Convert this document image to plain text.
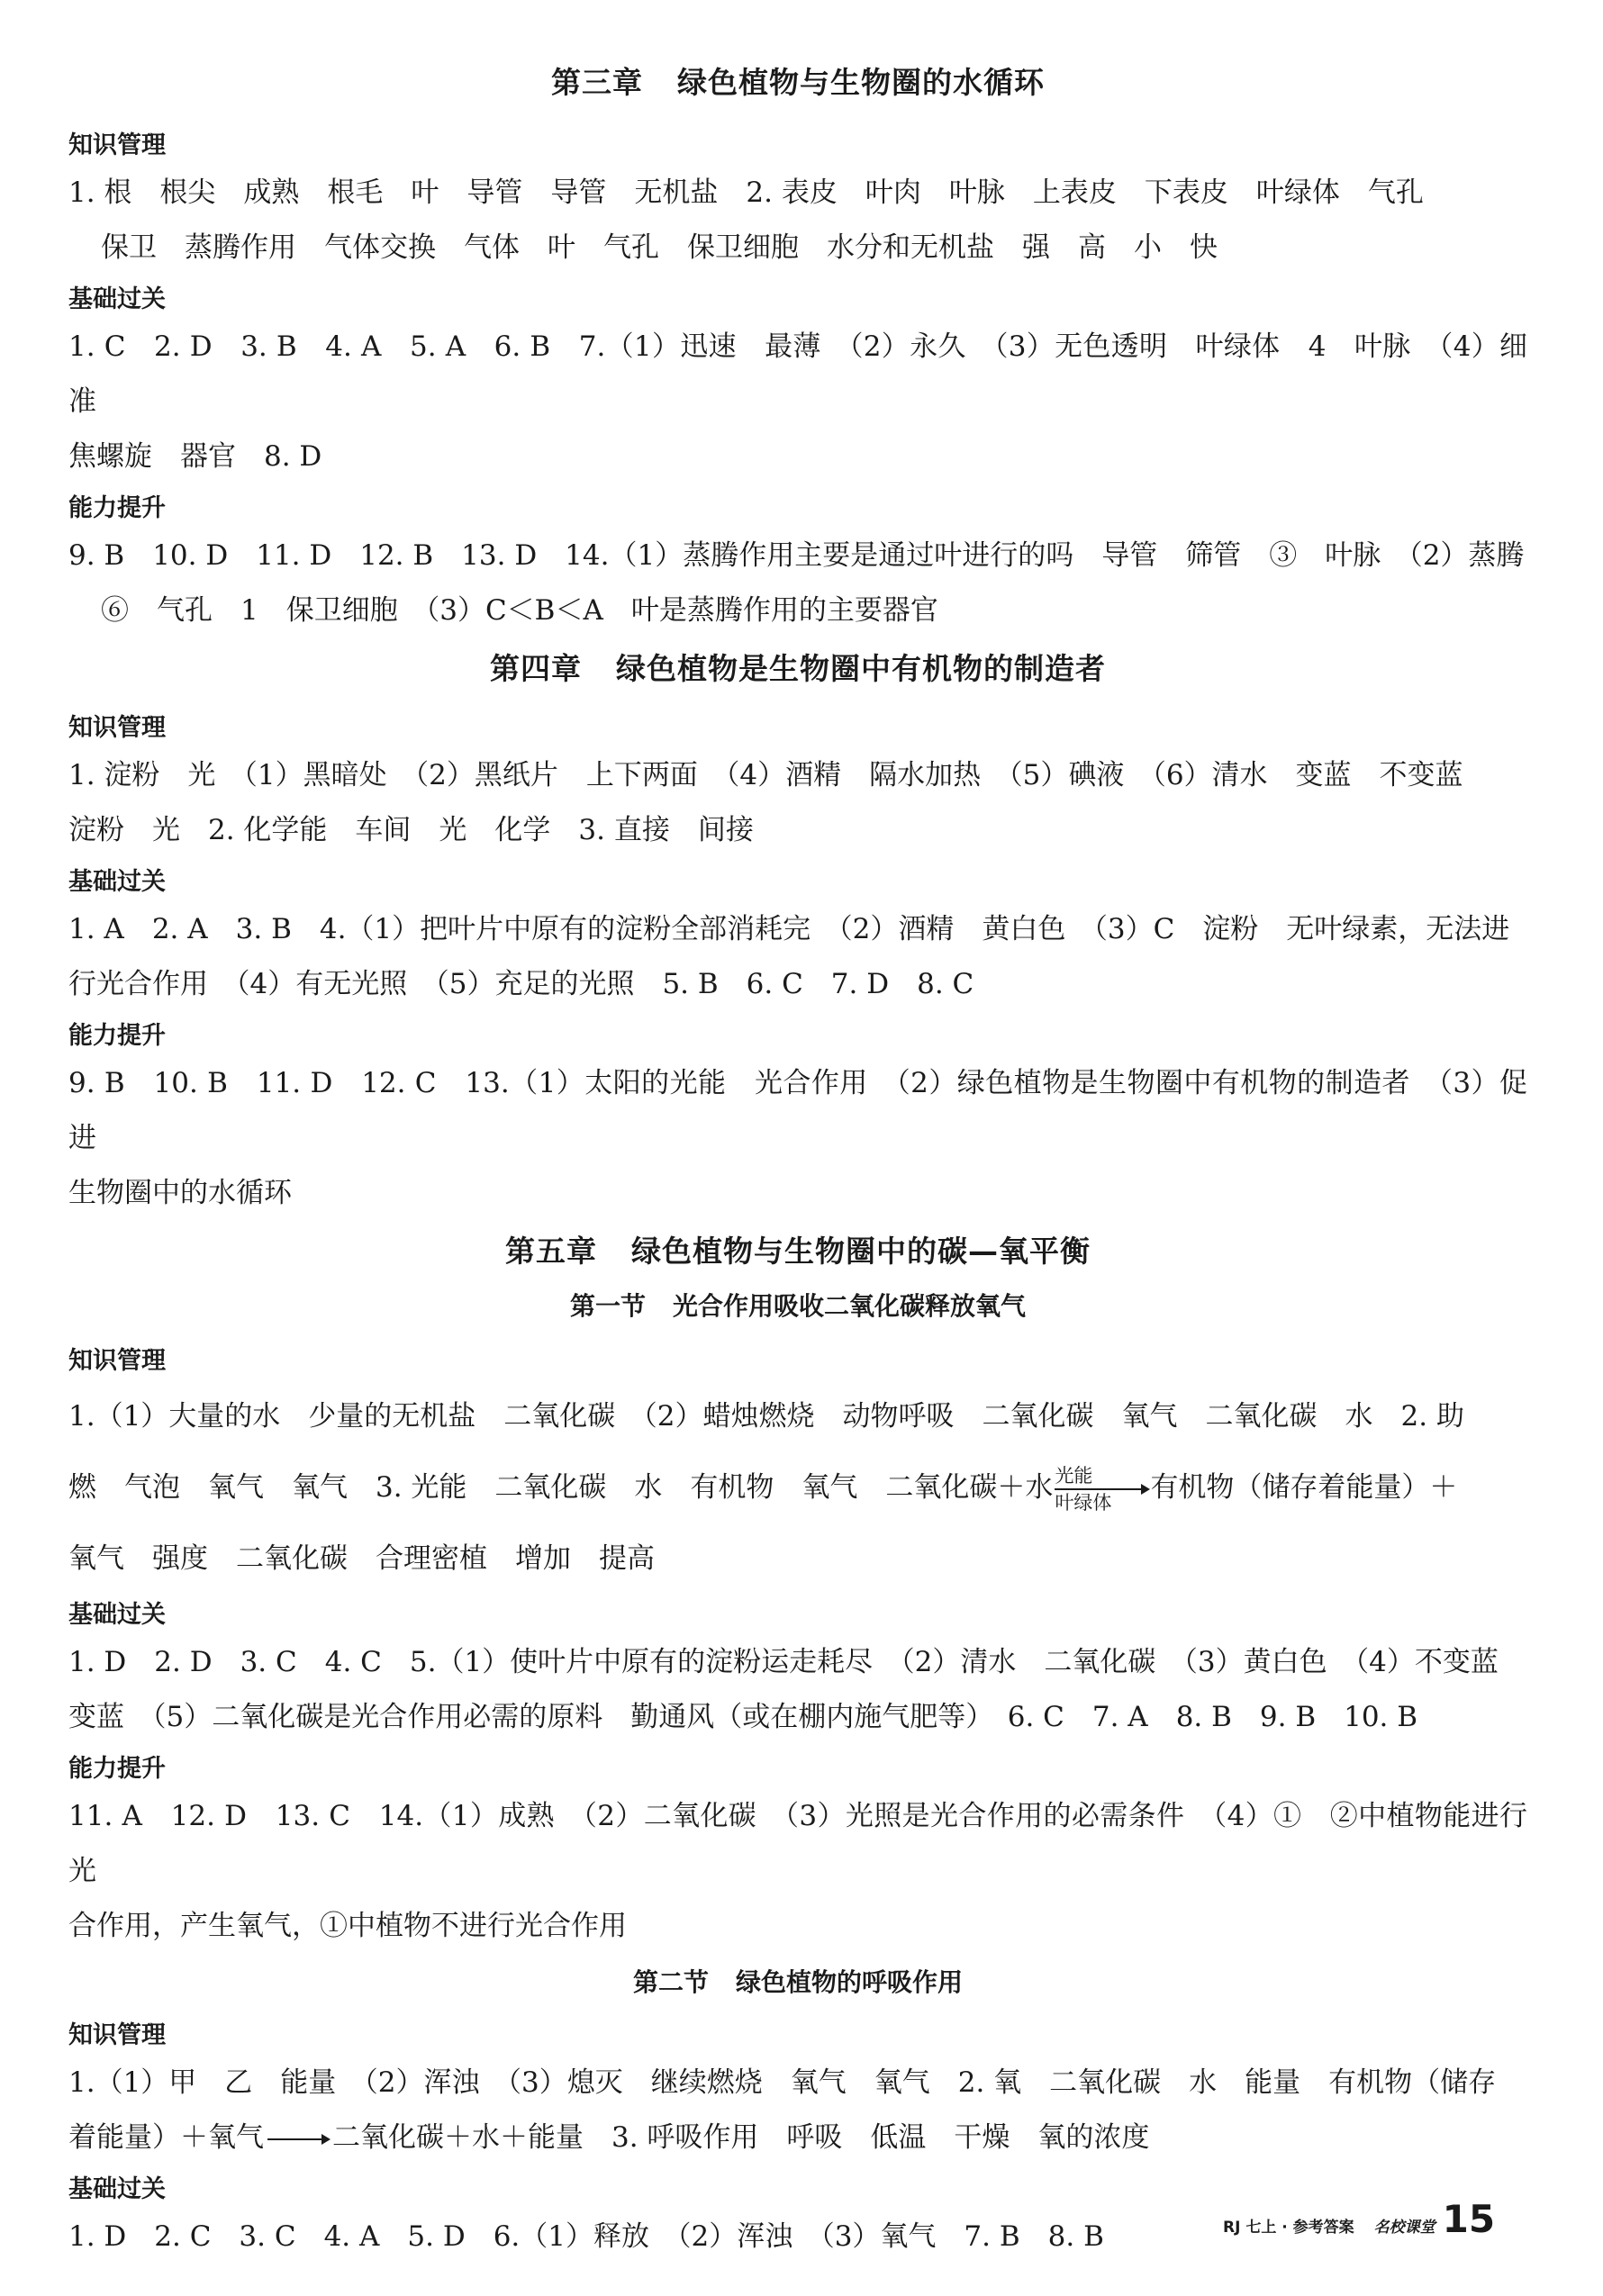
第三章 绿色植物与生物圈的水循环

知识管理

1. 根　根尖　成熟　根毛　叶　导管　导管　无机盐　2. 表皮　叶肉　叶脉　上表皮　下表皮　叶绿体　气孔

保卫　蒸腾作用　气体交换　气体　叶　气孔　保卫细胞　水分和无机盐　强　高　小　快

基础过关

1. C　2. D　3. B　4. A　5. A　6. B　7.（1）迅速　最薄　（2）永久　（3）无色透明　叶绿体　4　叶脉　（4）细准

焦螺旋　器官　8. D

能力提升

9. B　10. D　11. D　12. B　13. D　14.（1）蒸腾作用主要是通过叶进行的吗　导管　筛管　③　叶脉　（2）蒸腾

⑥　气孔　1　保卫细胞　（3）C＜B＜A　叶是蒸腾作用的主要器官

第四章 绿色植物是生物圈中有机物的制造者

知识管理

1. 淀粉　光　（1）黑暗处　（2）黑纸片　上下两面　（4）酒精　隔水加热　（5）碘液　（6）清水　变蓝　不变蓝

淀粉　光　2. 化学能　车间　光　化学　3. 直接　间接

基础过关

1. A　2. A　3. B　4.（1）把叶片中原有的淀粉全部消耗完　（2）酒精　黄白色　（3）C　淀粉　无叶绿素，无法进

行光合作用　（4）有无光照　（5）充足的光照　5. B　6. C　7. D　8. C

能力提升

9. B　10. B　11. D　12. C　13.（1）太阳的光能　光合作用　（2）绿色植物是生物圈中有机物的制造者　（3）促进

生物圈中的水循环

第五章 绿色植物与生物圈中的碳—氧平衡

第一节 光合作用吸收二氧化碳释放氧气

知识管理

1.（1）大量的水　少量的无机盐　二氧化碳　（2）蜡烛燃烧　动物呼吸　二氧化碳　氧气　二氧化碳　水　2. 助

燃　气泡　氧气　氧气　3. 光能　二氧化碳　水　有机物　氧气　二氧化碳＋水 光能
叶绿体	有机物（储存着能量）＋

氧气　强度　二氧化碳　合理密植　增加　提高

基础过关

1. D　2. D　3. C　4. C　5.（1）使叶片中原有的淀粉运走耗尽　（2）清水　二氧化碳　（3）黄白色　（4）不变蓝

变蓝　（5）二氧化碳是光合作用必需的原料　勤通风（或在棚内施气肥等）　6. C　7. A　8. B　9. B　10. B

能力提升

11. A　12. D　13. C　14.（1）成熟　（2）二氧化碳　（3）光照是光合作用的必需条件　（4）①　②中植物能进行光

合作用，产生氧气，①中植物不进行光合作用

第二节 绿色植物的呼吸作用

知识管理

1.（1）甲　乙　能量　（2）浑浊　（3）熄灭　继续燃烧　氧气　氧气　2. 氧　二氧化碳　水　能量　有机物（储存

着能量）＋氧气 二氧化碳＋水＋能量　3. 呼吸作用　呼吸　低温　干燥　氧的浓度

基础过关

1. D　2. C　3. C　4. A　5. D　6.（1）释放　（2）浑浊　（3）氧气　7. B　8. B	RJ 七上 · 参考答案 名校课堂 15
